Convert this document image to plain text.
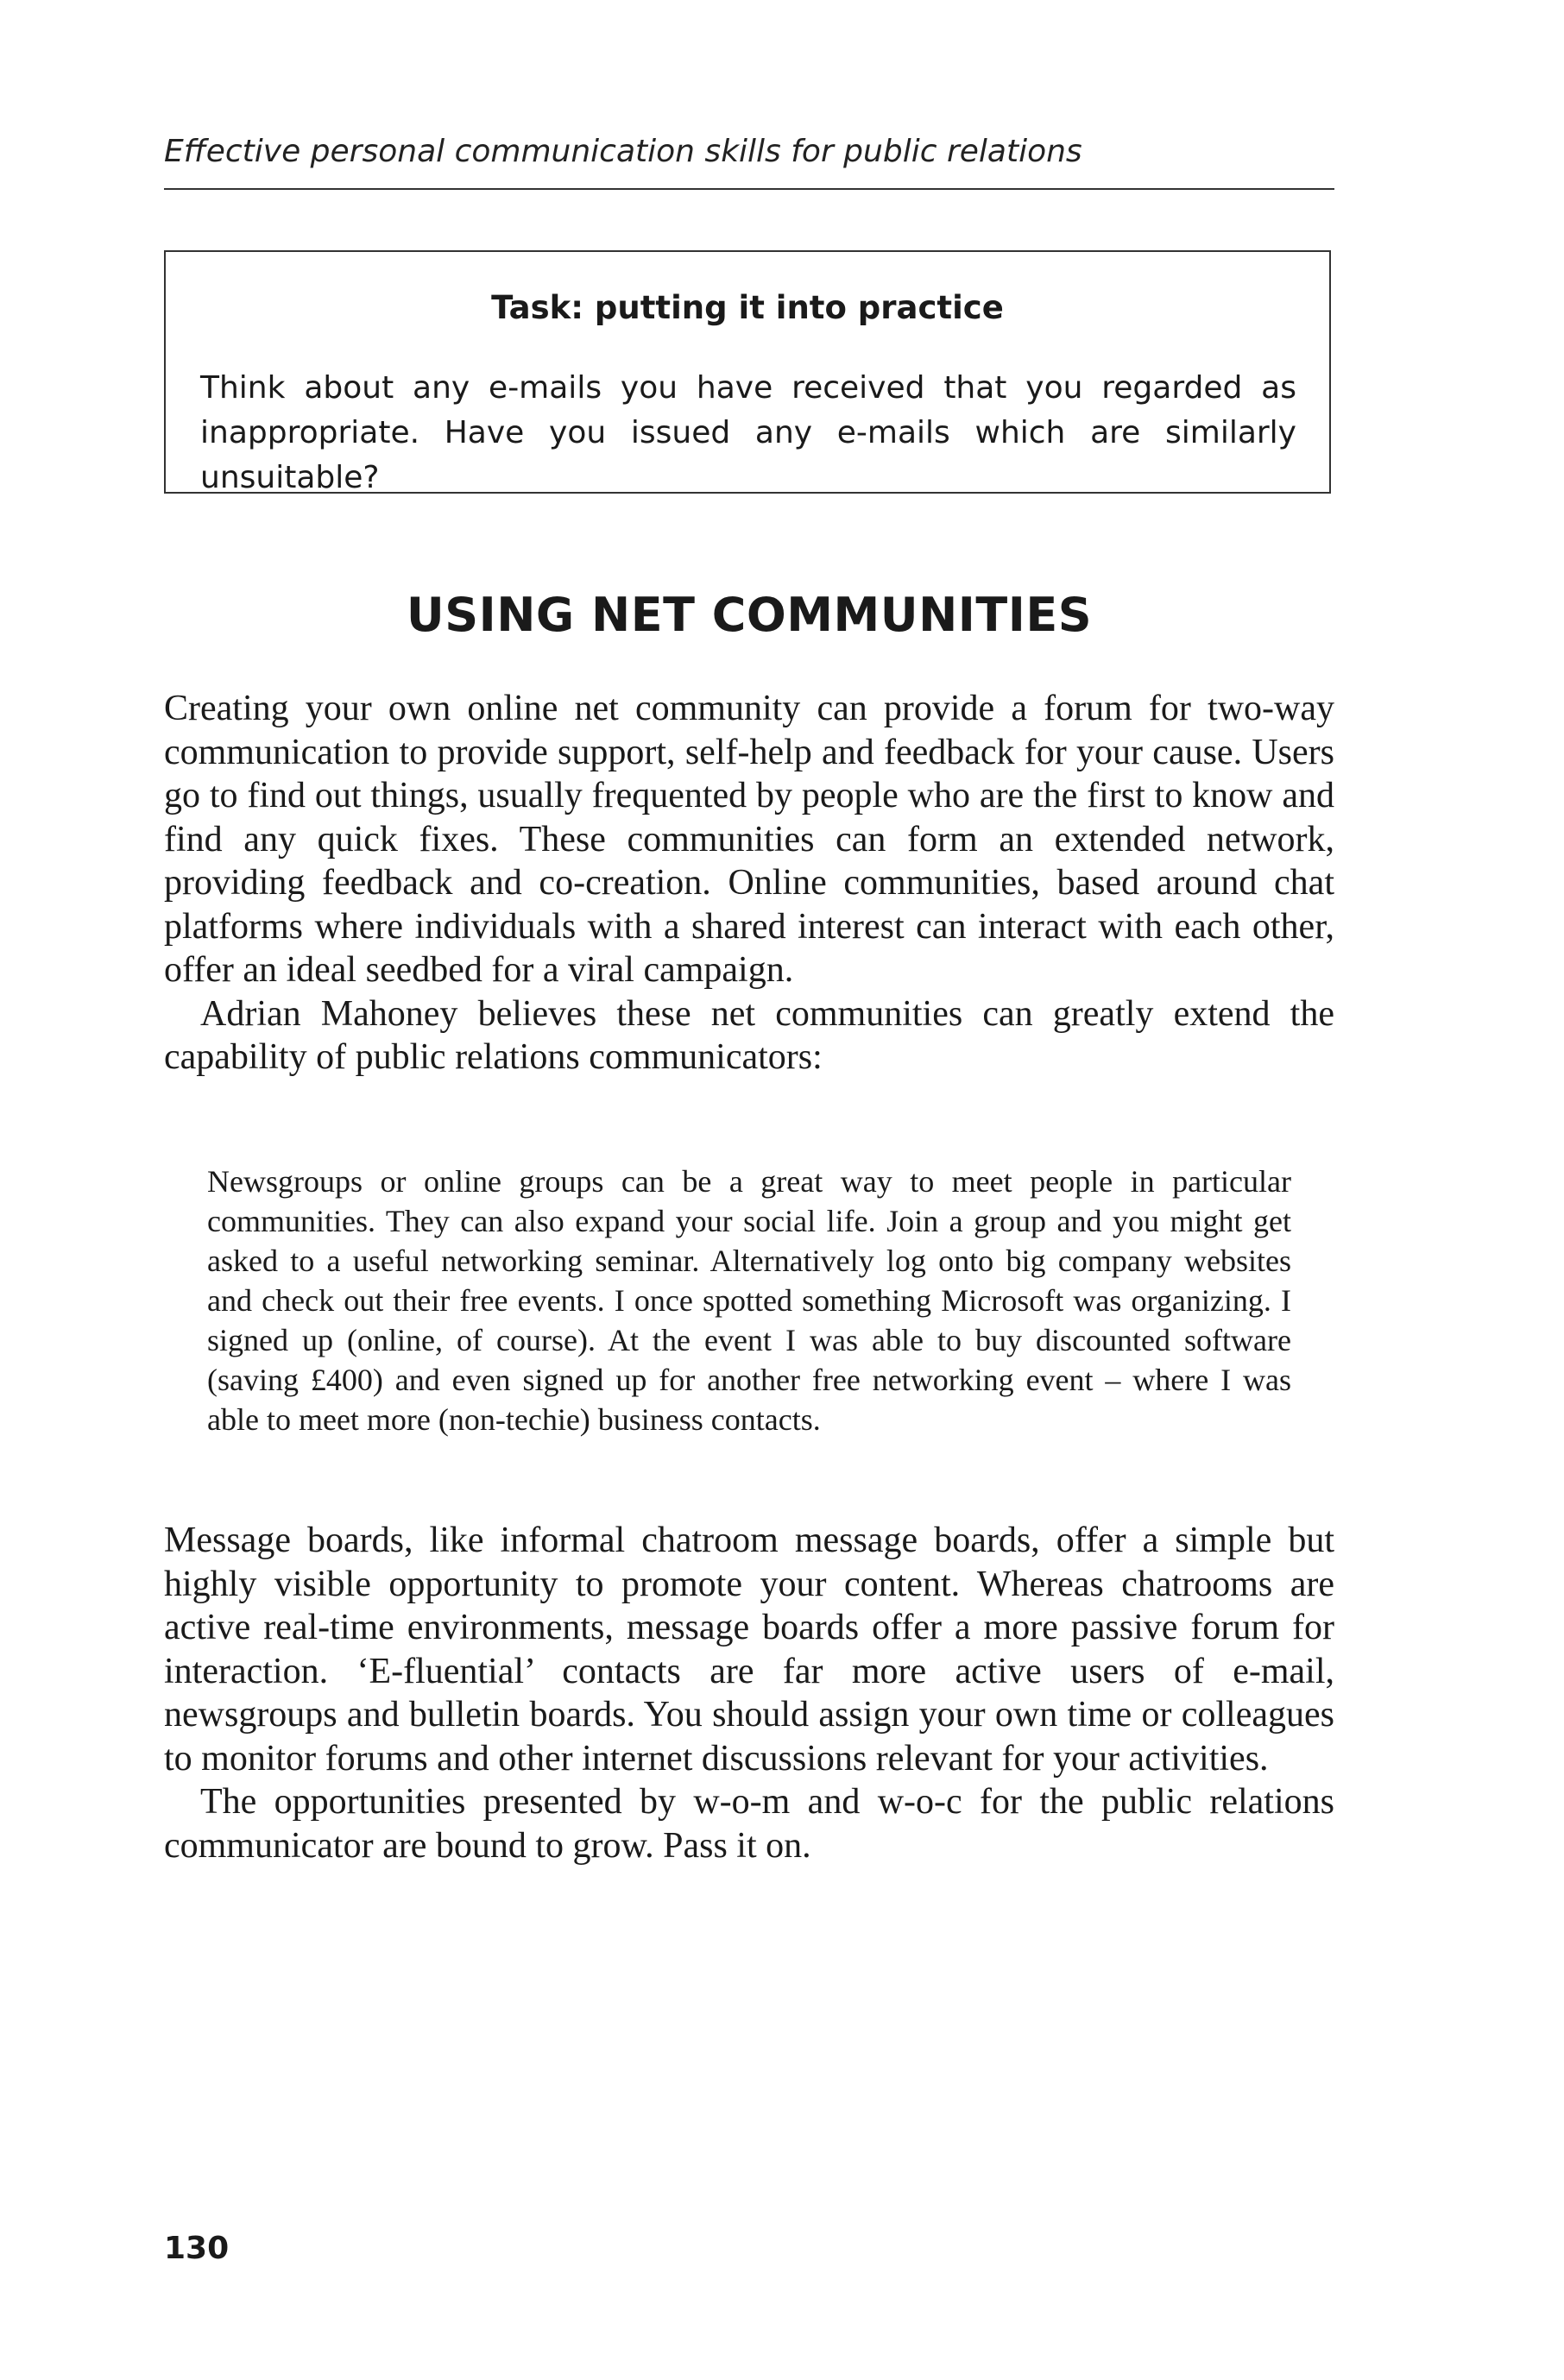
Effective personal communication skills for public relations
Task: putting it into practice
Think about any e-mails you have received that you regarded as inappropriate. Have you issued any e-mails which are similarly unsuitable?
USING NET COMMUNITIES

Creating your own online net community can provide a forum for two-way communication to provide support, self-help and feedback for your cause. Users go to find out things, usually frequented by people who are the first to know and find any quick fixes. These communities can form an extended network, providing feedback and co-creation. Online communities, based around chat platforms where individuals with a shared interest can interact with each other, offer an ideal seedbed for a viral campaign.

Adrian Mahoney believes these net communities can greatly extend the capability of public relations communicators:

Newsgroups or online groups can be a great way to meet people in particular communities. They can also expand your social life. Join a group and you might get asked to a useful networking seminar. Alternatively log onto big company websites and check out their free events. I once spotted something Microsoft was organizing. I signed up (online, of course). At the event I was able to buy discounted software (saving £400) and even signed up for another free networking event – where I was able to meet more (non-techie) business contacts.

Message boards, like informal chatroom message boards, offer a simple but highly visible opportunity to promote your content. Whereas chatrooms are active real-time environments, message boards offer a more passive forum for interaction. ‘E-fluential’ contacts are far more active users of e-mail, newsgroups and bulletin boards. You should assign your own time or colleagues to monitor forums and other internet discussions relevant for your activities.

The opportunities presented by w-o-m and w-o-c for the public relations communicator are bound to grow. Pass it on.

130
